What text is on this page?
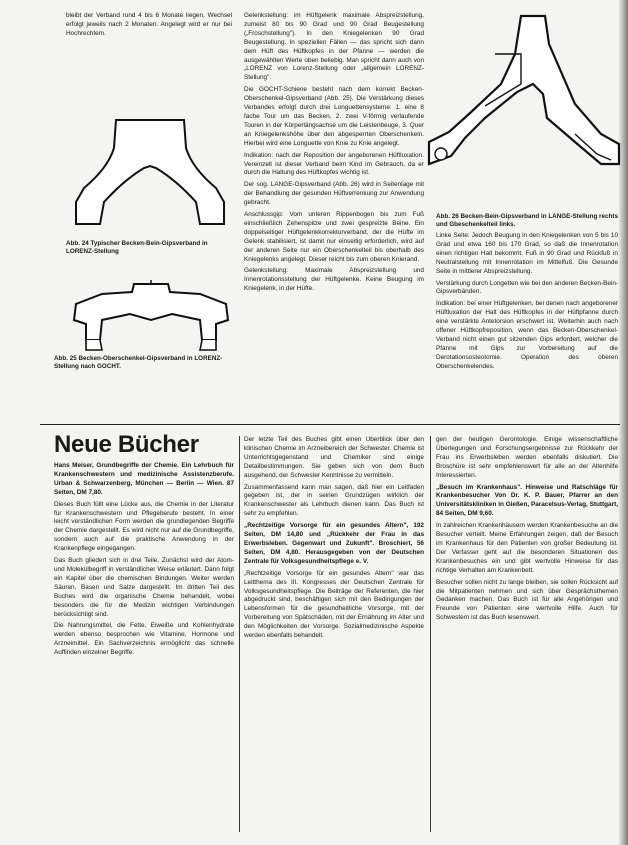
bleibt der Verband rund 4 bis 6 Monate liegen, Wechsel erfolgt jeweils nach 2 Monaten. Angelegt wird er nur bei Hochrechtem.

Abb. 24 Typischer Becken-Bein-Gipsverband in LORENZ-Stellung
Abb. 25 Becken-Oberschenkel-Gipsverband in LORENZ-Stellung nach GOCHT.

Gelenkstellung: im Hüftgelenk maximale Abspreizstellung, zumeist 80 bis 90 Grad und 90 Grad Beugestellung („Froschstellung"). In den Kniegelenken 90 Grad Beugestellung. In speziellen Fällen — das spricht sich dann dem Hüft des Hüftkopfes in der Pfanne — werden die ausgewählten Werte oben beliebig. Man spricht dann auch von „LORENZ von Lorenz-Stellung oder „allgemein LORENZ-Stellung".

Die GOCHT-Schiene besteht nach dem korrekt Becken-Oberschenkel-Gipsverband (Abb. 25). Die Verstärkung dieses Verbandes erfolgt durch drei Longuettensysteme: 1. eine 8 fache Tour um das Becken, 2. zwei V-förmig verlaufende Touren in der Körperlängsachse um die Leistenbeuge, 3. Quer an Kniegelenkshöhe über den abgesperrten Oberschenkeln. Hierbei wird eine Longuette von Knie zu Knie angelegt.

Indikation: nach der Reposition der angeborenen Hüftluxation. Vereinzelt ist dieser Verband beim Kind im Gebrauch, da er durch die Haltung des Hüftkopfes wichtig ist.

Der sog. LANGE-Gipsverband (Abb. 26) wird in Seitenlage mit der Behandlung der gesunden Hüftverrenkung zur Anwendung gebracht.

Anschlussgip: Vom unteren Rippenbogen bis zum Fuß einschließlich Zehenspitze und zwei gespreizte Beine. Ein doppelseitiger Hüftgelenkkorrekturverband, der die Hüfte im Gelenk stabilisiert, ist damit nur einseitig erforderlich, wird auf der anderen Seite nur ein Oberschenkelteil bis oberhalb des Kniegelenks angelegt. Dieser reicht bis zum oberen Knierand.

Gelenkstellung: Maximale Abspreizstellung und Innenrotationsstellung der Hüftgelenke. Keine Beugung im Kniegelenk, in der Hüfte.

Abb. 26 Becken-Bein-Gipsverband in LANGE-Stellung rechts und Gbeschenkelteil links.

Linke Seite: Jedoch Beugung in den Kniegelenken von 5 bis 10 Grad und etwa 160 bis 170 Grad, so daß die Innenrotation einen richtigen Halt bekommt. Fuß in 90 Grad und Rückfuß in Neutralstellung mit Innenrotation im Mittelfuß. Die Gesunde Seite in mittlerer Abspreizstellung.

Verstärkung durch Longetten wie bei den anderen Becken-Bein-Gipsverbänden.

Indikation: bei einer Hüftgelenken, bei denen nach angeborener Hüftluxation der Halt des Hüftkopfes in der Hüftpfanne durch eine verstärkte Antetorsion erschwert ist. Weiterhin auch nach offener Hüftkopfreposition, wenn das Becken-Oberschenkel-Verband nicht einen gut sitzenden Gips erfordert, welcher die Pfanne mit Gips zur Vorbereitung auf die Derotationsosteotomie. Operation des oberen Oberschenkelendes.

Neue Bücher

Hans Meiser, Grundbegriffe der Chemie. Ein Lehrbuch für Krankenschwestern und medizinische Assistenzberufe. Urban & Schwarzenberg, München — Berlin — Wien. 87 Seiten, DM 7,80.

Dieses Buch füllt eine Lücke aus, die Chemie in der Literatur für Krankenschwestern und Pflegeberufe besteht. In einer leicht verständlichen Form werden die grundlegenden Begriffe der Chemie dargestellt. Es wird nicht nur auf die Grundbegriffe, sondern auch auf die praktische Anwendung in der Krankenpflege eingegangen.

Das Buch gliedert sich in drei Teile. Zunächst wird der Atom- und Molekülbegriff in verständlicher Weise erläutert. Dann folgt ein Kapitel über die chemischen Bindungen. Weiter werden Säuren, Basen und Salze dargestellt. Im dritten Teil des Buches wird die organische Chemie behandelt, wobei besonders die für die Medizin wichtigen Verbindungen berücksichtigt sind.

Die Nahrungsmittel, die Fette, Eiweiße und Kohlenhydrate werden ebenso besprochen wie Vitamine, Hormone und Arzneimittel. Ein Sachverzeichnis ermöglicht das schnelle Auffinden einzelner Begriffe.

Der letzte Teil des Buches gibt einen Überblick über den klinischen Chemie im Arzneibereich der Schwester. Chemie ist Unterrichtsgegenstand und Chemiker sind einige Detailbestimmungen. Sie geben sich von dem Buch ausgehend, der Schwester Kenntnisse zu vermitteln.

Zusammenfassend kann man sagen, daß hier ein Leitfaden gegeben ist, der in seinen Grundzügen wirklich der Krankenschwester als Lehrbuch dienen kann. Das Buch ist sehr zu empfehlen.

„Rechtzeitige Vorsorge für ein gesundes Altern", 192 Seiten, DM 14,80 und „Rückkehr der Frau in das Erwerbsleben. Gegenwart und Zukunft". Broschiert, 56 Seiten, DM 4,80. Herausgegeben von der Deutschen Zentrale für Volksgesundheitspflege e. V.

„Rechtzeitige Vorsorge für ein gesundes Altern" war das Leitthema des III. Kongresses der Deutschen Zentrale für Volksgesundheitspflege. Die Beiträge der Referenten, die hier abgedruckt sind, beschäftigen sich mit den Bedingungen der Lebensformen für die gesundheitliche Vorsorge, mit der Vorbereitung von Spätschäden, mit der Ernährung im Alter und den Möglichkeiten der Vorsorge. Sozialmedizinische Aspekte werden ebenfalls behandelt.

gen der heutigen Gerontologie. Einige wissenschaftliche Überlegungen und Forschungsergebnisse zur Rückkehr der Frau ins Erwerbsleben werden ebenfalls diskutiert. Die Broschüre ist sehr empfehlenswert für alle an der Altenhilfe Interessierten.

„Besuch im Krankenhaus". Hinweise und Ratschläge für Krankenbesucher Von Dr. K. P. Bauer, Pfarrer an den Universitätskliniken in Gießen, Paracelsus-Verlag, Stuttgart, 84 Seiten, DM 9,60.

In zahlreichen Krankenhäusern werden Krankenbesuche an die Besucher verteilt. Meine Erfahrungen zeigen, daß der Besuch im Krankenhaus für den Patienten von großer Bedeutung ist. Der Verfasser geht auf die besonderen Situationen des Krankenbesuches ein und gibt wertvolle Hinweise für das richtige Verhalten am Krankenbett.

Besucher sollen nicht zu lange bleiben, sie sollen Rücksicht auf die Mitpatienten nehmen und sich über Gesprächsthemen Gedanken machen. Das Buch ist für alle Angehörigen und Freunde von Patienten eine wertvolle Hilfe. Auch für Schwestern ist das Buch lesenswert.
